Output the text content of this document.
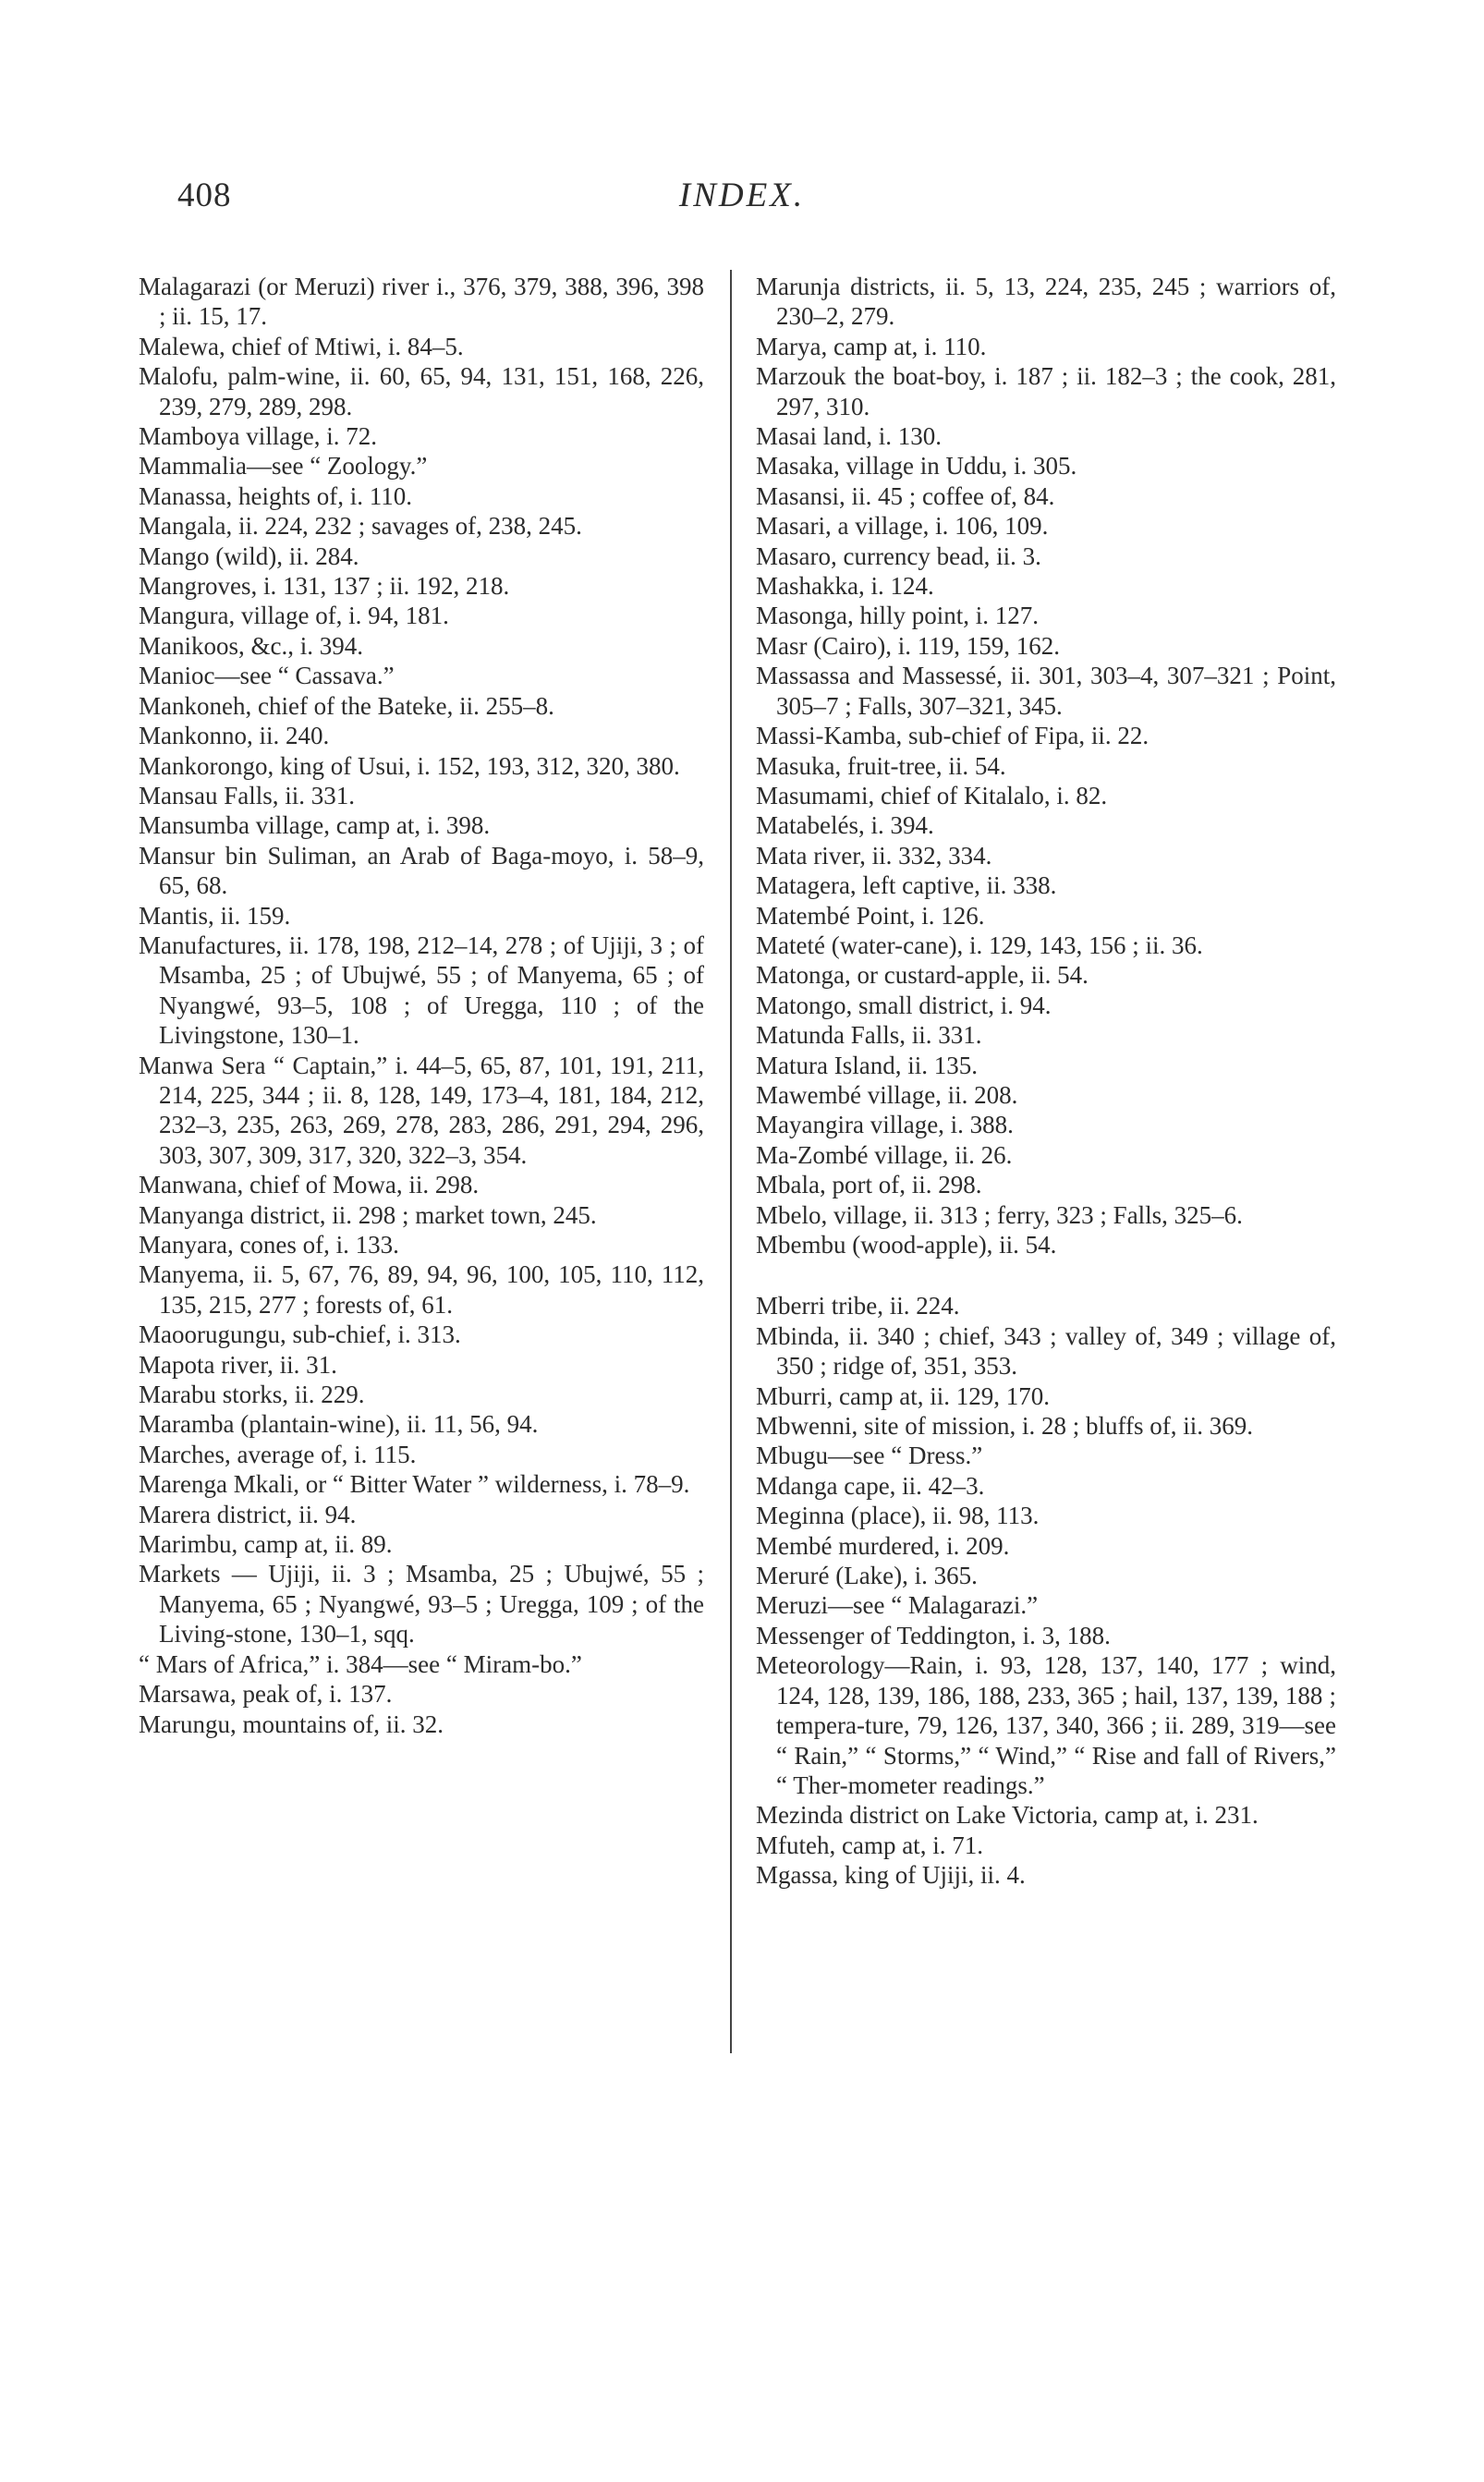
408	INDEX.
Malagarazi (or Meruzi) river i., 376, 379, 388, 396, 398 ; ii. 15, 17.
Malewa, chief of Mtiwi, i. 84–5.
Malofu, palm-wine, ii. 60, 65, 94, 131, 151, 168, 226, 239, 279, 289, 298.
Mamboya village, i. 72.
Mammalia—see “ Zoology.”
Manassa, heights of, i. 110.
Mangala, ii. 224, 232 ; savages of, 238, 245.
Mango (wild), ii. 284.
Mangroves, i. 131, 137 ; ii. 192, 218.
Mangura, village of, i. 94, 181.
Manikoos, &c., i. 394.
Manioc—see “ Cassava.”
Mankoneh, chief of the Bateke, ii. 255–8.
Mankonno, ii. 240.
Mankorongo, king of Usui, i. 152, 193, 312, 320, 380.
Mansau Falls, ii. 331.
Mansumba village, camp at, i. 398.
Mansur bin Suliman, an Arab of Baga-moyo, i. 58–9, 65, 68.
Mantis, ii. 159.
Manufactures, ii. 178, 198, 212–14, 278 ; of Ujiji, 3 ; of Msamba, 25 ; of Ubujwé, 55 ; of Manyema, 65 ; of Nyangwé, 93–5, 108 ; of Uregga, 110 ; of the Livingstone, 130–1.
Manwa Sera “ Captain,” i. 44–5, 65, 87, 101, 191, 211, 214, 225, 344 ; ii. 8, 128, 149, 173–4, 181, 184, 212, 232–3, 235, 263, 269, 278, 283, 286, 291, 294, 296, 303, 307, 309, 317, 320, 322–3, 354.
Manwana, chief of Mowa, ii. 298.
Manyanga district, ii. 298 ; market town, 245.
Manyara, cones of, i. 133.
Manyema, ii. 5, 67, 76, 89, 94, 96, 100, 105, 110, 112, 135, 215, 277 ; forests of, 61.
Maoorugungu, sub-chief, i. 313.
Mapota river, ii. 31.
Marabu storks, ii. 229.
Maramba (plantain-wine), ii. 11, 56, 94.
Marches, average of, i. 115.
Marenga Mkali, or “ Bitter Water ” wilderness, i. 78–9.
Marera district, ii. 94.
Marimbu, camp at, ii. 89.
Markets — Ujiji, ii. 3 ; Msamba, 25 ; Ubujwé, 55 ; Manyema, 65 ; Nyangwé, 93–5 ; Uregga, 109 ; of the Living-stone, 130–1, sqq.
“ Mars of Africa,” i. 384—see “ Miram-bo.”
Marsawa, peak of, i. 137.
Marungu, mountains of, ii. 32.
Marunja districts, ii. 5, 13, 224, 235, 245 ; warriors of, 230–2, 279.
Marya, camp at, i. 110.
Marzouk the boat-boy, i. 187 ; ii. 182–3 ; the cook, 281, 297, 310.
Masai land, i. 130.
Masaka, village in Uddu, i. 305.
Masansi, ii. 45 ; coffee of, 84.
Masari, a village, i. 106, 109.
Masaro, currency bead, ii. 3.
Mashakka, i. 124.
Masonga, hilly point, i. 127.
Masr (Cairo), i. 119, 159, 162.
Massassa and Massessé, ii. 301, 303–4, 307–321 ; Point, 305–7 ; Falls, 307–321, 345.
Massi-Kamba, sub-chief of Fipa, ii. 22.
Masuka, fruit-tree, ii. 54.
Masumami, chief of Kitalalo, i. 82.
Matabelés, i. 394.
Mata river, ii. 332, 334.
Matagera, left captive, ii. 338.
Matembé Point, i. 126.
Mateté (water-cane), i. 129, 143, 156 ; ii. 36.
Matonga, or custard-apple, ii. 54.
Matongo, small district, i. 94.
Matunda Falls, ii. 331.
Matura Island, ii. 135.
Mawembé village, ii. 208.
Mayangira village, i. 388.
Ma-Zombé village, ii. 26.
Mbala, port of, ii. 298.
Mbelo, village, ii. 313 ; ferry, 323 ; Falls, 325–6.
Mbembu (wood-apple), ii. 54.
Mberri tribe, ii. 224.
Mbinda, ii. 340 ; chief, 343 ; valley of, 349 ; village of, 350 ; ridge of, 351, 353.
Mburri, camp at, ii. 129, 170.
Mbwenni, site of mission, i. 28 ; bluffs of, ii. 369.
Mbugu—see “ Dress.”
Mdanga cape, ii. 42–3.
Meginna (place), ii. 98, 113.
Membé murdered, i. 209.
Meruré (Lake), i. 365.
Meruzi—see “ Malagarazi.”
Messenger of Teddington, i. 3, 188.
Meteorology—Rain, i. 93, 128, 137, 140, 177 ; wind, 124, 128, 139, 186, 188, 233, 365 ; hail, 137, 139, 188 ; tempera-ture, 79, 126, 137, 340, 366 ; ii. 289, 319—see “ Rain,” “ Storms,” “ Wind,” “ Rise and fall of Rivers,” “ Ther-mometer readings.”
Mezinda district on Lake Victoria, camp at, i. 231.
Mfuteh, camp at, i. 71.
Mgassa, king of Ujiji, ii. 4.
